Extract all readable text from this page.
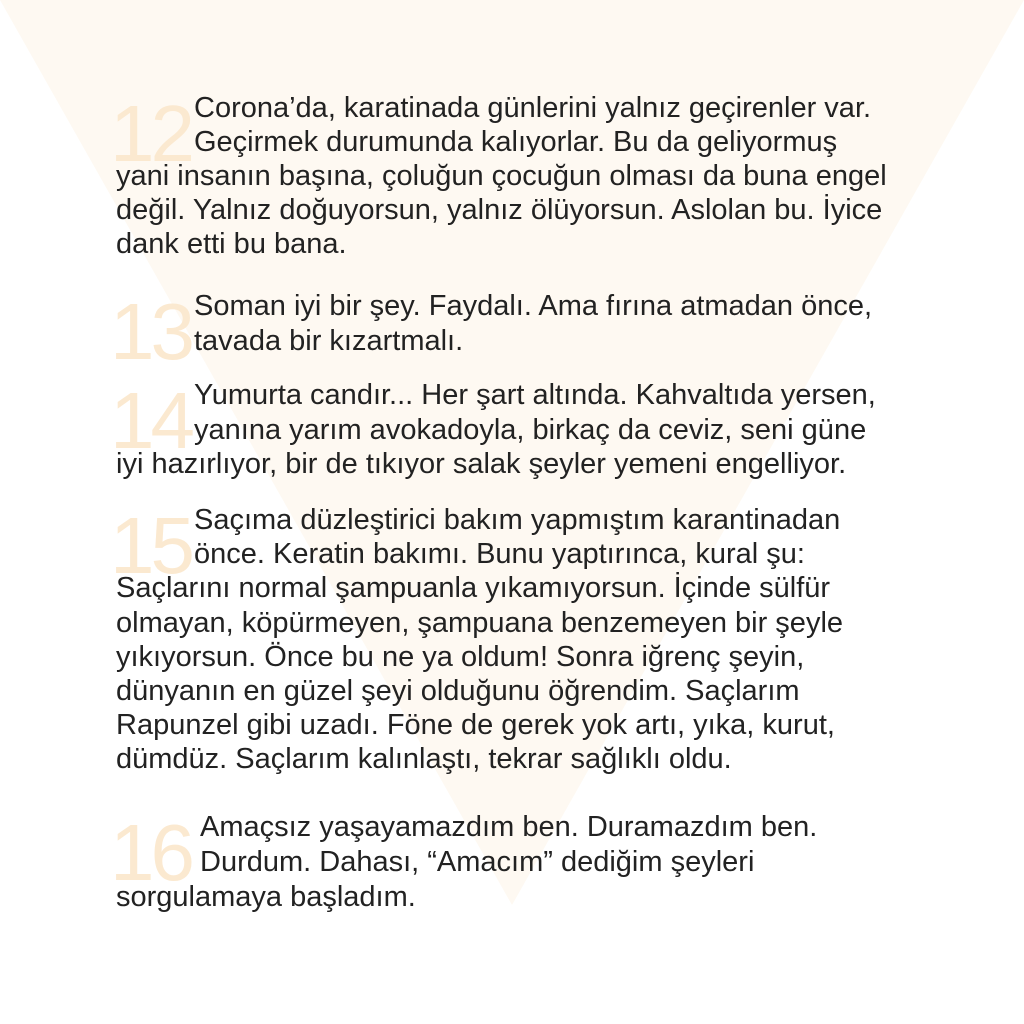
12 Corona’da, karatinada günlerini yalnız geçirenler var.
Geçirmek durumunda kalıyorlar. Bu da geliyormuş
yani insanın başına, çoluğun çocuğun olması da buna engel
değil. Yalnız doğuyorsun, yalnız ölüyorsun. Aslolan bu. İyice
dank etti bu bana.
13 Soman iyi bir şey. Faydalı. Ama fırına atmadan önce,
tavada bir kızartmalı.
14 Yumurta candır... Her şart altında. Kahvaltıda yersen,
yanına yarım avokadoyla, birkaç da ceviz, seni güne
iyi hazırlıyor, bir de tıkıyor salak şeyler yemeni engelliyor.
15 Saçıma düzleştirici bakım yapmıştım karantinadan
önce. Keratin bakımı. Bunu yaptırınca, kural şu:
Saçlarını normal şampuanla yıkamıyorsun. İçinde sülfür
olmayan, köpürmeyen, şampuana benzemeyen bir şeyle
yıkıyorsun. Önce bu ne ya oldum! Sonra iğrenç şeyin,
dünyanın en güzel şeyi olduğunu öğrendim. Saçlarım
Rapunzel gibi uzadı. Föne de gerek yok artı, yıka, kurut,
dümdüz. Saçlarım kalınlaştı, tekrar sağlıklı oldu.
16 Amaçsız yaşayamazdım ben. Duramazdım ben.
Durdum. Dahası, “Amacım” dediğim şeyleri
sorgulamaya başladım.
